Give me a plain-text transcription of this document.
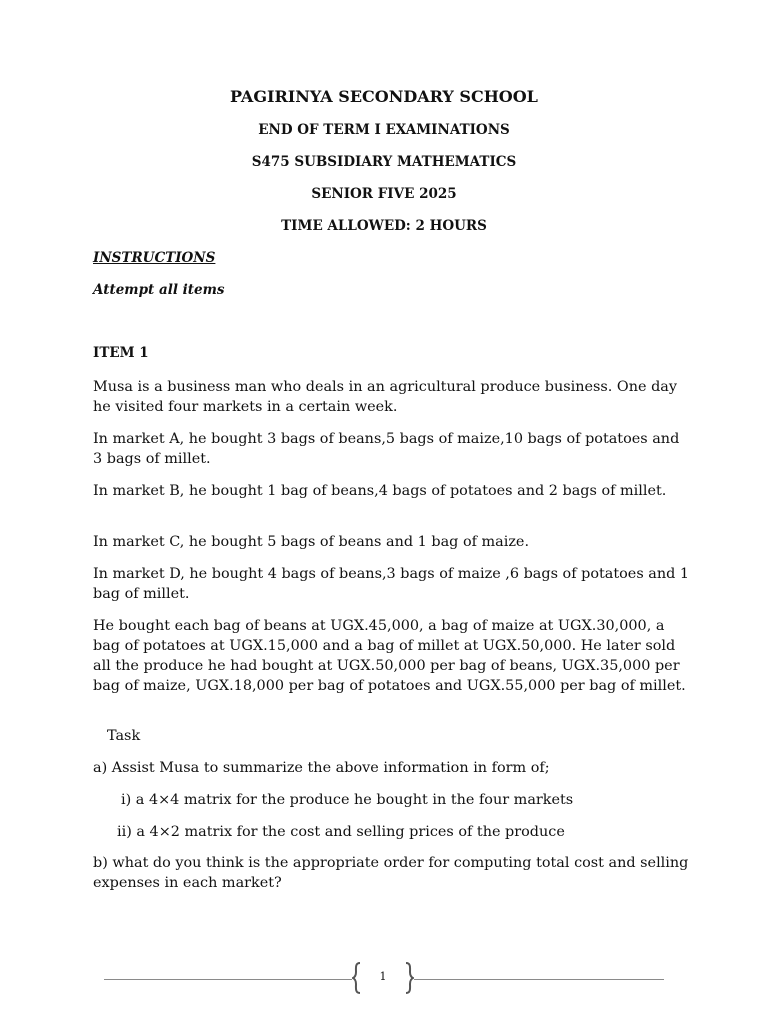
PAGIRINYA SECONDARY SCHOOL
END OF TERM I EXAMINATIONS
S475 SUBSIDIARY MATHEMATICS
SENIOR FIVE 2025
TIME ALLOWED: 2 HOURS
INSTRUCTIONS
Attempt all items
ITEM 1

Musa is a business man who deals in an agricultural produce business. One day he visited four markets in a certain week.

In market A, he bought 3 bags of beans,5 bags of maize,10 bags of potatoes and 3 bags of millet.

In market B, he bought 1 bag of beans,4 bags of potatoes and 2 bags of millet.

In market C, he bought 5 bags of beans and 1 bag of maize.

In market D, he bought 4 bags of beans,3 bags of maize ,6 bags of potatoes and 1 bag of millet.

He bought each bag of beans at UGX.45,000, a bag of maize at UGX.30,000, a bag of potatoes at UGX.15,000 and a bag of millet at UGX.50,000. He later sold all the produce he had bought at UGX.50,000 per bag of beans, UGX.35,000 per bag of maize, UGX.18,000 per bag of potatoes and UGX.55,000 per bag of millet.

Task

a) Assist Musa to summarize the above information in form of;

i) a 4×4 matrix for the produce he bought in the four markets

ii) a 4×2 matrix for the cost and selling prices of the produce

b) what do you think is the appropriate order for computing total cost and selling expenses in each market?

1
